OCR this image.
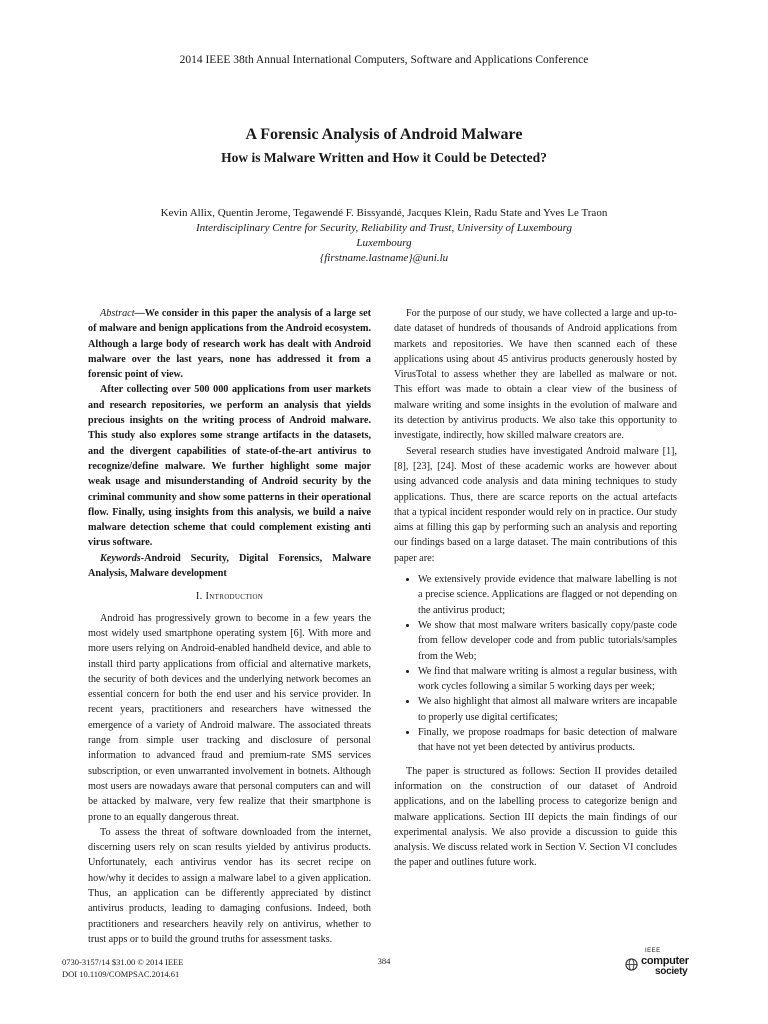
2014 IEEE 38th Annual International Computers, Software and Applications Conference
A Forensic Analysis of Android Malware
How is Malware Written and How it Could be Detected?
Kevin Allix, Quentin Jerome, Tegawendé F. Bissyandé, Jacques Klein, Radu State and Yves Le Traon
Interdisciplinary Centre for Security, Reliability and Trust, University of Luxembourg
Luxembourg
{firstname.lastname}@uni.lu

Abstract—We consider in this paper the analysis of a large set of malware and benign applications from the Android ecosystem. Although a large body of research work has dealt with Android malware over the last years, none has addressed it from a forensic point of view.

After collecting over 500 000 applications from user markets and research repositories, we perform an analysis that yields precious insights on the writing process of Android malware. This study also explores some strange artifacts in the datasets, and the divergent capabilities of state-of-the-art antivirus to recognize/define malware. We further highlight some major weak usage and misunderstanding of Android security by the criminal community and show some patterns in their operational flow. Finally, using insights from this analysis, we build a naive malware detection scheme that could complement existing anti virus software.

Keywords-Android Security, Digital Forensics, Malware Analysis, Malware development

I. Introduction

Android has progressively grown to become in a few years the most widely used smartphone operating system [6]. With more and more users relying on Android-enabled handheld device, and able to install third party applications from official and alternative markets, the security of both devices and the underlying network becomes an essential concern for both the end user and his service provider. In recent years, practitioners and researchers have witnessed the emergence of a variety of Android malware. The associated threats range from simple user tracking and disclosure of personal information to advanced fraud and premium-rate SMS services subscription, or even unwarranted involvement in botnets. Although most users are nowadays aware that personal computers can and will be attacked by malware, very few realize that their smartphone is prone to an equally dangerous threat.

To assess the threat of software downloaded from the internet, discerning users rely on scan results yielded by antivirus products. Unfortunately, each antivirus vendor has its secret recipe on how/why it decides to assign a malware label to a given application. Thus, an application can be differently appreciated by distinct antivirus products, leading to damaging confusions. Indeed, both practitioners and researchers heavily rely on antivirus, whether to trust apps or to build the ground truths for assessment tasks.

For the purpose of our study, we have collected a large and up-to-date dataset of hundreds of thousands of Android applications from markets and repositories. We have then scanned each of these applications using about 45 antivirus products generously hosted by VirusTotal to assess whether they are labelled as malware or not. This effort was made to obtain a clear view of the business of malware writing and some insights in the evolution of malware and its detection by antivirus products. We also take this opportunity to investigate, indirectly, how skilled malware creators are.

Several research studies have investigated Android malware [1], [8], [23], [24]. Most of these academic works are however about using advanced code analysis and data mining techniques to study applications. Thus, there are scarce reports on the actual artefacts that a typical incident responder would rely on in practice. Our study aims at filling this gap by performing such an analysis and reporting our findings based on a large dataset. The main contributions of this paper are:

• We extensively provide evidence that malware labelling is not a precise science. Applications are flagged or not depending on the antivirus product;
• We show that most malware writers basically copy/paste code from fellow developer code and from public tutorials/samples from the Web;
• We find that malware writing is almost a regular business, with work cycles following a similar 5 working days per week;
• We also highlight that almost all malware writers are incapable to properly use digital certificates;
• Finally, we propose roadmaps for basic detection of malware that have not yet been detected by antivirus products.

The paper is structured as follows: Section II provides detailed information on the construction of our dataset of Android applications, and on the labelling process to categorize benign and malware applications. Section III depicts the main findings of our experimental analysis. We also provide a discussion to guide this analysis. We discuss related work in Section V. Section VI concludes the paper and outlines future work.

0730-3157/14 $31.00 © 2014 IEEE
DOI 10.1109/COMPSAC.2014.61
384
IEEE
computer
society
